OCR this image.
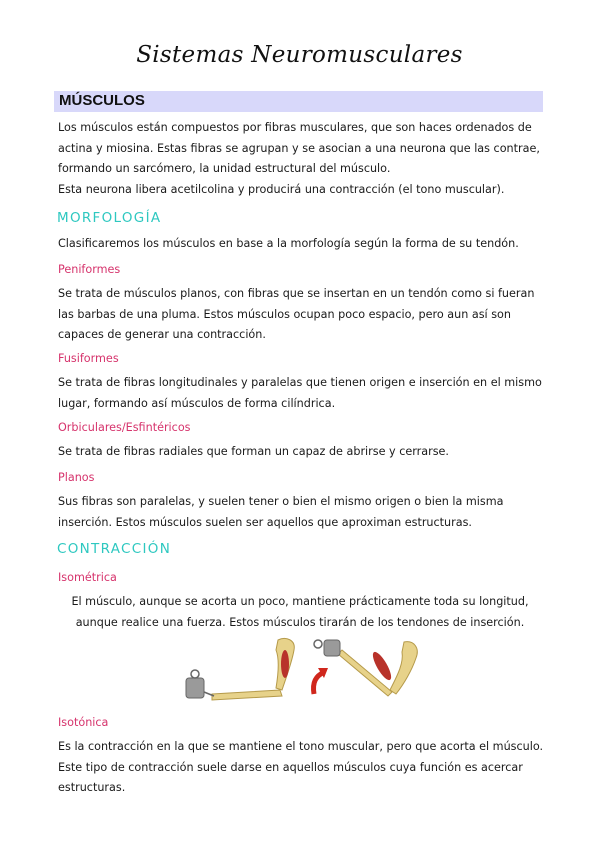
Sistemas Neuromusculares
MÚSCULOS
Los músculos están compuestos por fibras musculares, que son haces ordenados de actina y miosina. Estas fibras se agrupan y se asocian a una neurona que las contrae, formando un sarcómero, la unidad estructural del músculo.
Esta neurona libera acetilcolina y producirá una contracción (el tono muscular).
MORFOLOGÍA
Clasificaremos los músculos en base a la morfología según la forma de su tendón.
Peniformes
Se trata de músculos planos, con fibras que se insertan en un tendón como si fueran las barbas de una pluma. Estos músculos ocupan poco espacio, pero aun así son capaces de generar una contracción.
Fusiformes
Se trata de fibras longitudinales y paralelas que tienen origen e inserción en el mismo lugar, formando así músculos de forma cilíndrica.
Orbiculares/Esfintéricos
Se trata de fibras radiales que forman un capaz de abrirse y cerrarse.
Planos
Sus fibras son paralelas, y suelen tener o bien el mismo origen o bien la misma inserción. Estos músculos suelen ser aquellos que aproximan estructuras.
CONTRACCIÓN
Isométrica
El músculo, aunque se acorta un poco, mantiene prácticamente toda su longitud, aunque realice una fuerza. Estos músculos tirarán de los tendones de inserción.
Isotónica
Es la contracción en la que se mantiene el tono muscular, pero que acorta el músculo. Este tipo de contracción suele darse en aquellos músculos cuya función es acercar estructuras.
